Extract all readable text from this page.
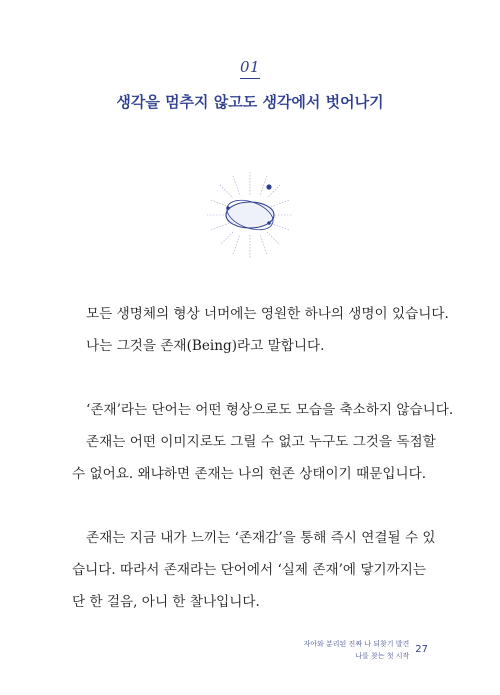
01
생각을 멈추지 않고도 생각에서 벗어나기

모든 생명체의 형상 너머에는 영원한 하나의 생명이 있습니다.
나는 그것을 존재(Being)라고 말합니다.

‘존재’라는 단어는 어떤 형상으로도 모습을 축소하지 않습니다.
존재는 어떤 이미지로도 그릴 수 없고 누구도 그것을 독점할
수 없어요. 왜냐하면 존재는 나의 현존 상태이기 때문입니다.

존재는 지금 내가 느끼는 ‘존재감’을 통해 즉시 연결될 수 있
습니다. 따라서 존재라는 단어에서 ‘실제 존재’에 닿기까지는
단 한 걸음, 아니 한 찰나입니다.

자아와 분리된 진짜 나 되찾기 발견
나를 찾는 첫 시작
27
